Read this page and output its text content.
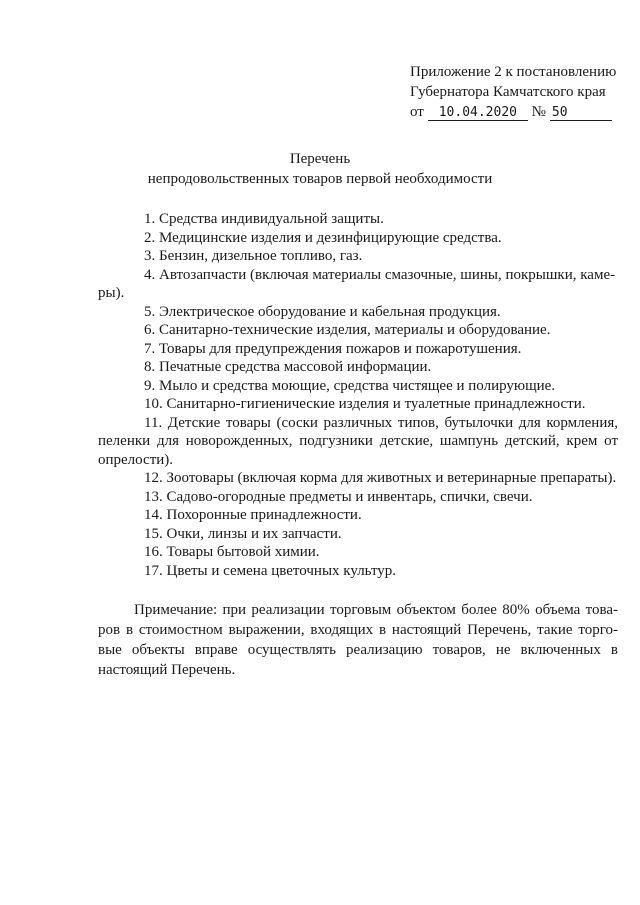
Приложение 2 к постановлению
Губернатора Камчатского края
от 10.04.2020 № 50
Перечень
непродовольственных товаров первой необходимости
1. Средства индивидуальной защиты.
2. Медицинские изделия и дезинфицирующие средства.
3. Бензин, дизельное топливо, газ.
4. Автозапчасти (включая материалы смазочные, шины, покрышки, каме-
ры).
5. Электрическое оборудование и кабельная продукция.
6. Санитарно-технические изделия, материалы и оборудование.
7. Товары для предупреждения пожаров и пожаротушения.
8. Печатные средства массовой информации.
9. Мыло и средства моющие, средства чистящее и полирующие.
10. Санитарно-гигиенические изделия и туалетные принадлежности.
11. Детские товары (соски различных типов, бутылочки для кормления,
пеленки для новорожденных, подгузники детские, шампунь детский, крем от
опрелости).
12. Зоотовары (включая корма для животных и ветеринарные препараты).
13. Садово-огородные предметы и инвентарь, спички, свечи.
14. Похоронные принадлежности.
15. Очки, линзы и их запчасти.
16. Товары бытовой химии.
17. Цветы и семена цветочных культур.
Примечание: при реализации торговым объектом более 80% объема това-
ров в стоимостном выражении, входящих в настоящий Перечень, такие торго-
вые объекты вправе осуществлять реализацию товаров, не включенных в
настоящий Перечень.
